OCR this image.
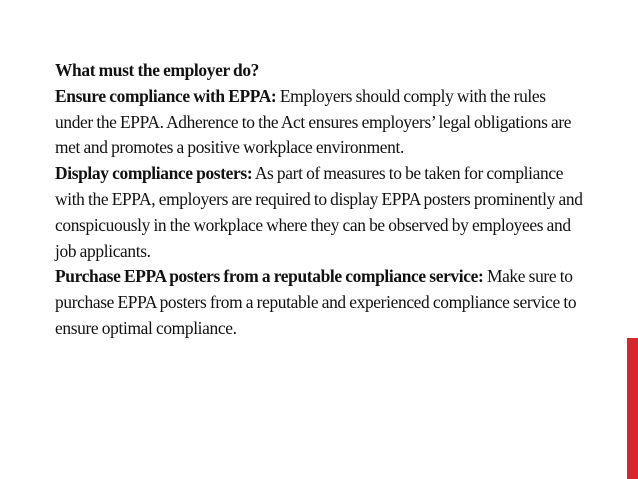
What must the employer do?

Ensure compliance with EPPA: Employers should comply with the rules under the EPPA. Adherence to the Act ensures employers’ legal obligations are met and promotes a positive workplace environment.

Display compliance posters: As part of measures to be taken for compliance with the EPPA, employers are required to display EPPA posters prominently and conspicuously in the workplace where they can be observed by employees and job applicants.

Purchase EPPA posters from a reputable compliance service: Make sure to purchase EPPA posters from a reputable and experienced compliance service to ensure optimal compliance.
